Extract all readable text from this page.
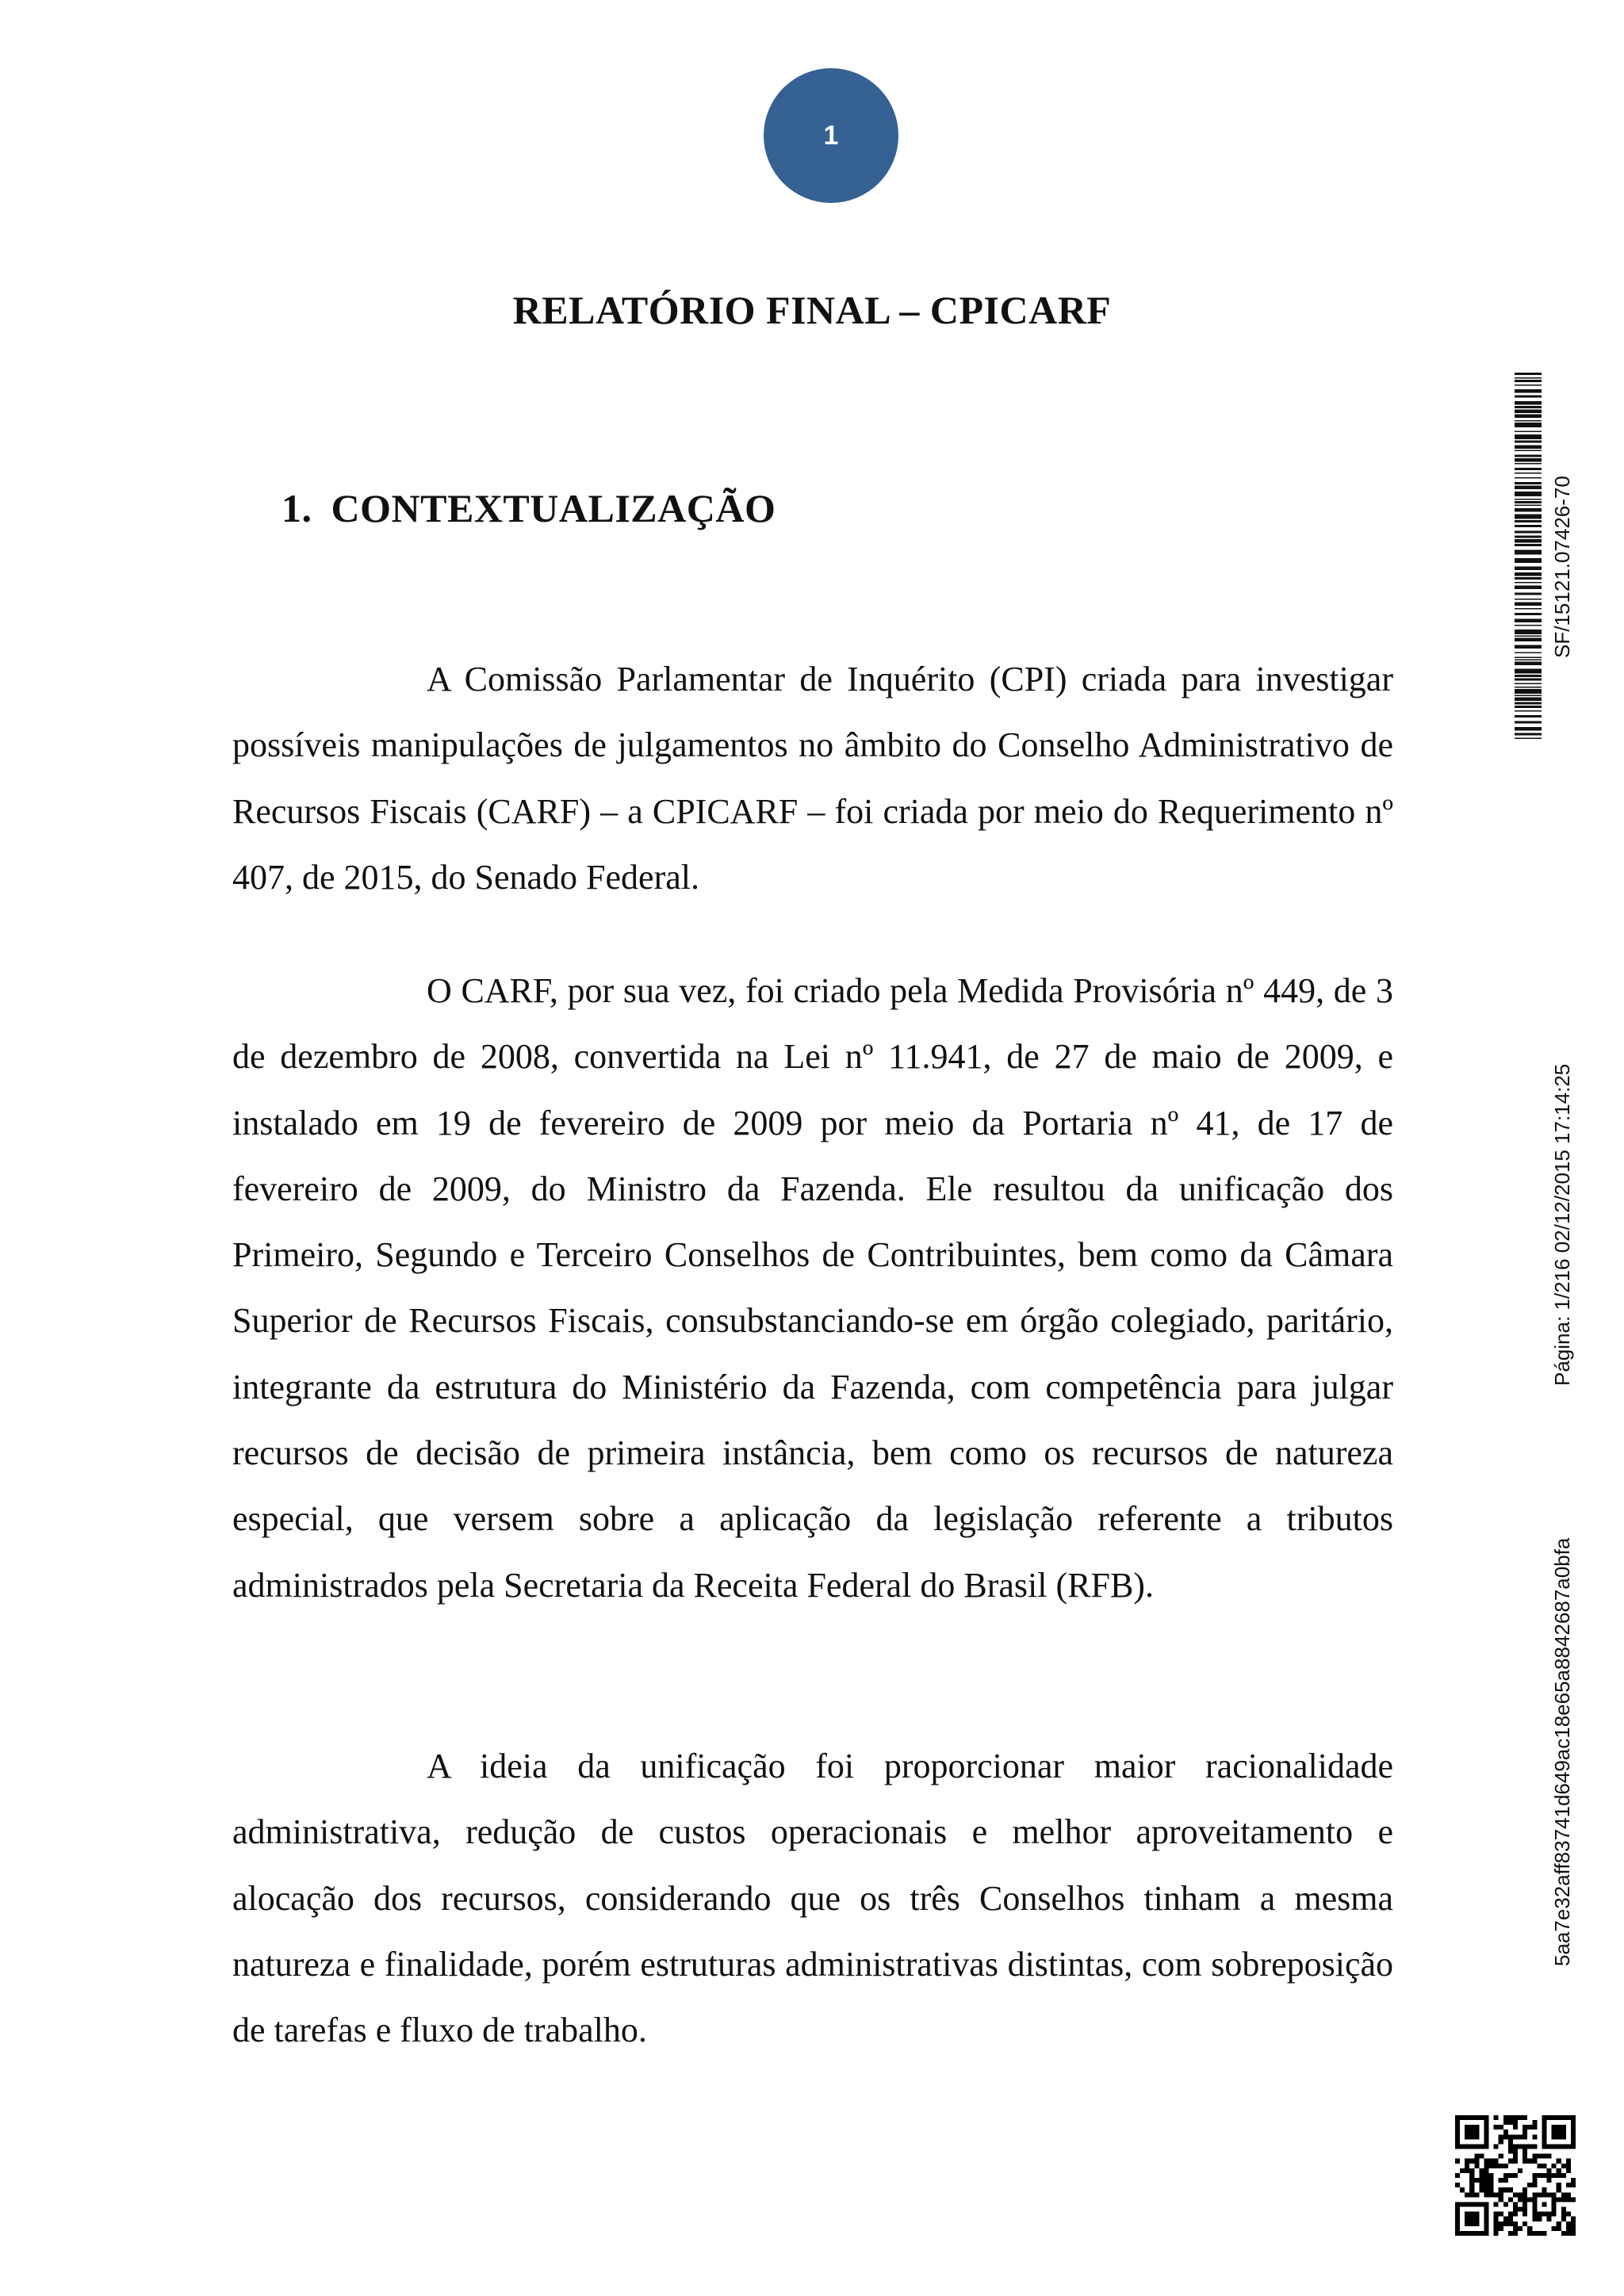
1
RELATÓRIO FINAL – CPICARF
1. CONTEXTUALIZAÇÃO

A Comissão Parlamentar de Inquérito (CPI) criada para investigar possíveis manipulações de julgamentos no âmbito do Conselho Administrativo de Recursos Fiscais (CARF) – a CPICARF – foi criada por meio do Requerimento nº 407, de 2015, do Senado Federal.

O CARF, por sua vez, foi criado pela Medida Provisória nº 449, de 3 de dezembro de 2008, convertida na Lei nº 11.941, de 27 de maio de 2009, e instalado em 19 de fevereiro de 2009 por meio da Portaria nº 41, de 17 de fevereiro de 2009, do Ministro da Fazenda. Ele resultou da unificação dos Primeiro, Segundo e Terceiro Conselhos de Contribuintes, bem como da Câmara Superior de Recursos Fiscais, consubstanciando-se em órgão colegiado, paritário, integrante da estrutura do Ministério da Fazenda, com competência para julgar recursos de decisão de primeira instância, bem como os recursos de natureza especial, que versem sobre a aplicação da legislação referente a tributos administrados pela Secretaria da Receita Federal do Brasil (RFB).

A ideia da unificação foi proporcionar maior racionalidade administrativa, redução de custos operacionais e melhor aproveitamento e alocação dos recursos, considerando que os três Conselhos tinham a mesma natureza e finalidade, porém estruturas administrativas distintas, com sobreposição de tarefas e fluxo de trabalho.

SF/15121.07426-70
Página: 1/216 02/12/2015 17:14:25
5aa7e32aff83741d649ac18e65a8842687a0bfa
